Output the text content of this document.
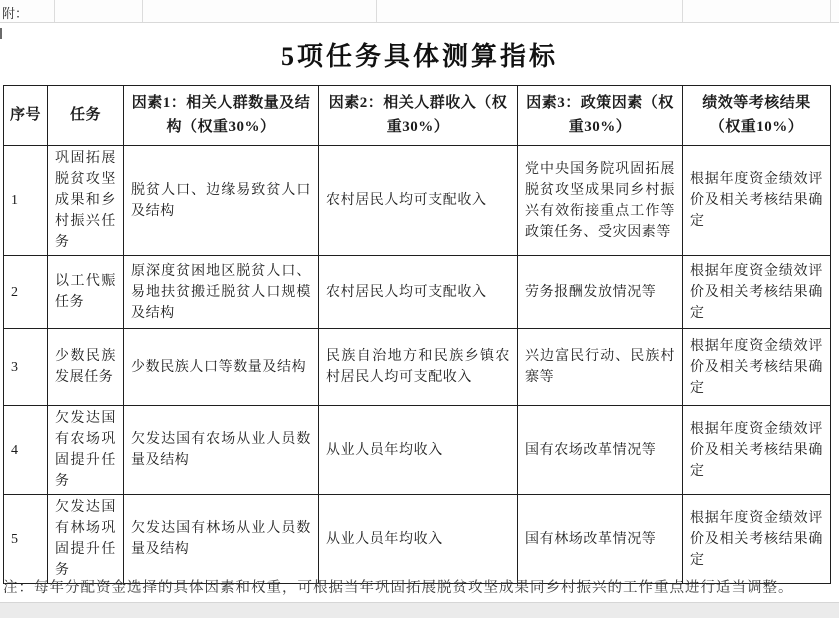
附：
5项任务具体测算指标
序号	任务	因素1：相关人群数量及结构（权重30%）	因素2：相关人群收入（权重30%）	因素3：政策因素（权重30%）	绩效等考核结果（权重10%）
1	巩固拓展脱贫攻坚成果和乡村振兴任务	脱贫人口、边缘易致贫人口及结构	农村居民人均可支配收入	党中央国务院巩固拓展脱贫攻坚成果同乡村振兴有效衔接重点工作等政策任务、受灾因素等	根据年度资金绩效评价及相关考核结果确定
2	以工代赈任务	原深度贫困地区脱贫人口、易地扶贫搬迁脱贫人口规模及结构	农村居民人均可支配收入	劳务报酬发放情况等	根据年度资金绩效评价及相关考核结果确定
3	少数民族发展任务	少数民族人口等数量及结构	民族自治地方和民族乡镇农村居民人均可支配收入	兴边富民行动、民族村寨等	根据年度资金绩效评价及相关考核结果确定
4	欠发达国有农场巩固提升任务	欠发达国有农场从业人员数量及结构	从业人员年均收入	国有农场改革情况等	根据年度资金绩效评价及相关考核结果确定
5	欠发达国有林场巩固提升任务	欠发达国有林场从业人员数量及结构	从业人员年均收入	国有林场改革情况等	根据年度资金绩效评价及相关考核结果确定
注：每年分配资金选择的具体因素和权重，可根据当年巩固拓展脱贫攻坚成果同乡村振兴的工作重点进行适当调整。
